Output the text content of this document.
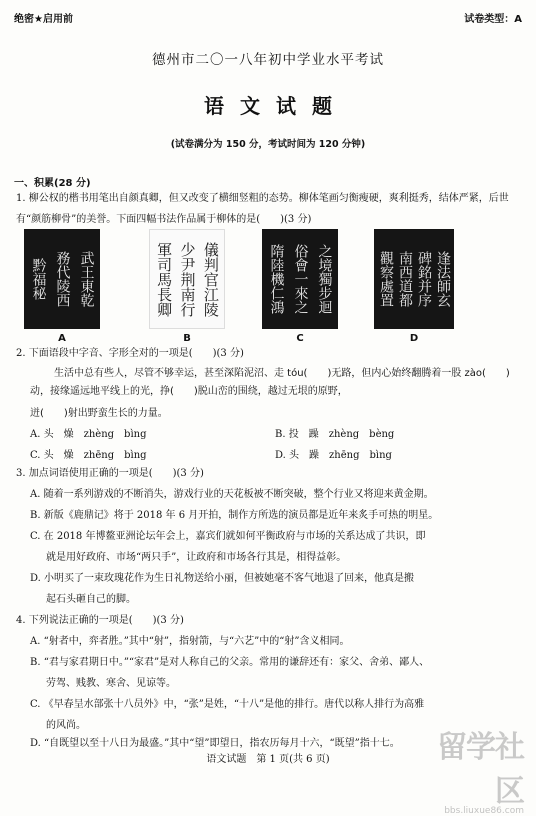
绝密★启用前	试卷类型：A
德州市二〇一八年初中学业水平考试
语文试题
(试卷满分为 150 分，考试时间为 120 分钟)
一、积累(28 分)
1. 柳公权的楷书用笔出自颜真卿，但又改变了横细竖粗的态势。柳体笔画匀衡瘦硬，爽利挺秀，结体严紧，后世有“颜筋柳骨”的美誉。下面四幅书法作品属于柳体的是(　　)(3 分)
武王東乾
務代陵西
黔福秘
A
儀判官江陵
少尹荆南行
軍司馬長卿
B
之境獨步迴
俗會一來之
隋陸機仁鴻
C
逢法師玄
碑銘并序
南西道都
觀察處置
D
2. 下面语段中字音、字形全对的一项是(　　)(3 分)
生活中总有些人，尽管不够幸运，甚至深陷泥沼、走 tóu(　　)无路，但内心始终翻腾着一股 zào(　　)动，接缘遥远地平线上的光，挣(　　)脱山峦的围绕，越过无垠的原野，
迸(　　)射出野蛮生长的力量。
A. 头　燥　zhèng　bìng	B. 投　躁　zhèng　bèng
C. 头　燥　zhēng　bìng	D. 头　躁　zhēng　bìng
3. 加点词语使用正确的一项是(　　)(3 分)
A. 随着一系列游戏的不断消失，游戏行业的天花板被不断突破，整个行业又将迎来黄金期。
B. 新版《鹿鼎记》将于 2018 年 6 月开拍，制作方所选的演员都是近年来炙手可热的明星。
C. 在 2018 年博鳌亚洲论坛年会上，嘉宾们就如何平衡政府与市场的关系达成了共识，即
就是用好政府、市场“两只手”，让政府和市场各行其是，相得益彰。
D. 小明买了一束玫瑰花作为生日礼物送给小丽，但被她毫不客气地退了回来，他真是搬
起石头砸自己的脚。
4. 下列说法正确的一项是(　　)(3 分)
A. “射者中，弈者胜。”其中“射”，指射箭，与“六艺”中的“射”含义相同。
B. “君与家君期日中。”“家君”是对人称自己的父亲。常用的谦辞还有：家父、舍弟、鄙人、
劳驾、贱教、寒舍、见谅等。
C. 《早春呈水部张十八员外》中，“张”是姓，“十八”是他的排行。唐代以称人排行为高雅
的风尚。
D. “自既望以至十八日为最盛。”其中“望”即望日，指农历每月十六，“既望”指十七。
语文试题　第 1 页(共 6 页)	留学社区
bbs.liuxue86.com
